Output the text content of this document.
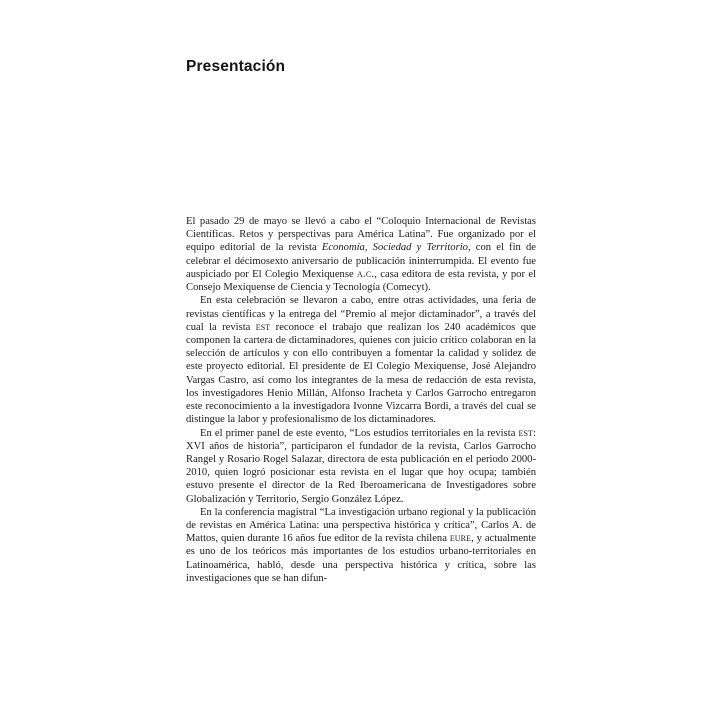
Presentación

El pasado 29 de mayo se llevó a cabo el “Coloquio Internacional de Revistas Científicas. Retos y perspectivas para América Latina”. Fue organizado por el equipo editorial de la revista Economía, Sociedad y Territorio, con el fin de celebrar el décimosexto aniversario de publicación ininterrumpida. El evento fue auspiciado por El Colegio Mexiquense a.c., casa editora de esta revista, y por el Consejo Mexiquense de Ciencia y Tecnología (Comecyt).

En esta celebración se llevaron a cabo, entre otras actividades, una feria de revistas científicas y la entrega del “Premio al mejor dictaminador”, a través del cual la revista est reconoce el trabajo que realizan los 240 académicos que componen la cartera de dictaminadores, quienes con juicio crítico colaboran en la selección de artículos y con ello contribuyen a fomentar la calidad y solidez de este proyecto editorial. El presidente de El Colegio Mexiquense, José Alejandro Vargas Castro, así como los integrantes de la mesa de redacción de esta revista, los investigadores Henio Millán, Alfonso Iracheta y Carlos Garrocho entregaron este reconocimiento a la investigadora Ivonne Vizcarra Bordi, a través del cual se distingue la labor y profesionalismo de los dictaminadores.

En el primer panel de este evento, “Los estudios territoriales en la revista est: XVI años de historia”, participaron el fundador de la revista, Carlos Garrocho Rangel y Rosario Rogel Salazar, directora de esta publicación en el periodo 2000-2010, quien logró posicionar esta revista en el lugar que hoy ocupa; también estuvo presente el director de la Red Iberoamericana de Investigadores sobre Globalización y Territorio, Sergio González López.

En la conferencia magistral “La investigación urbano regional y la publicación de revistas en América Latina: una perspectiva histórica y crítica”, Carlos A. de Mattos, quien durante 16 años fue editor de la revista chilena eure, y actualmente es uno de los teóricos más importantes de los estudios urbano-territoriales en Latinoamérica, habló, desde una perspectiva histórica y crítica, sobre las investigaciones que se han difun-
